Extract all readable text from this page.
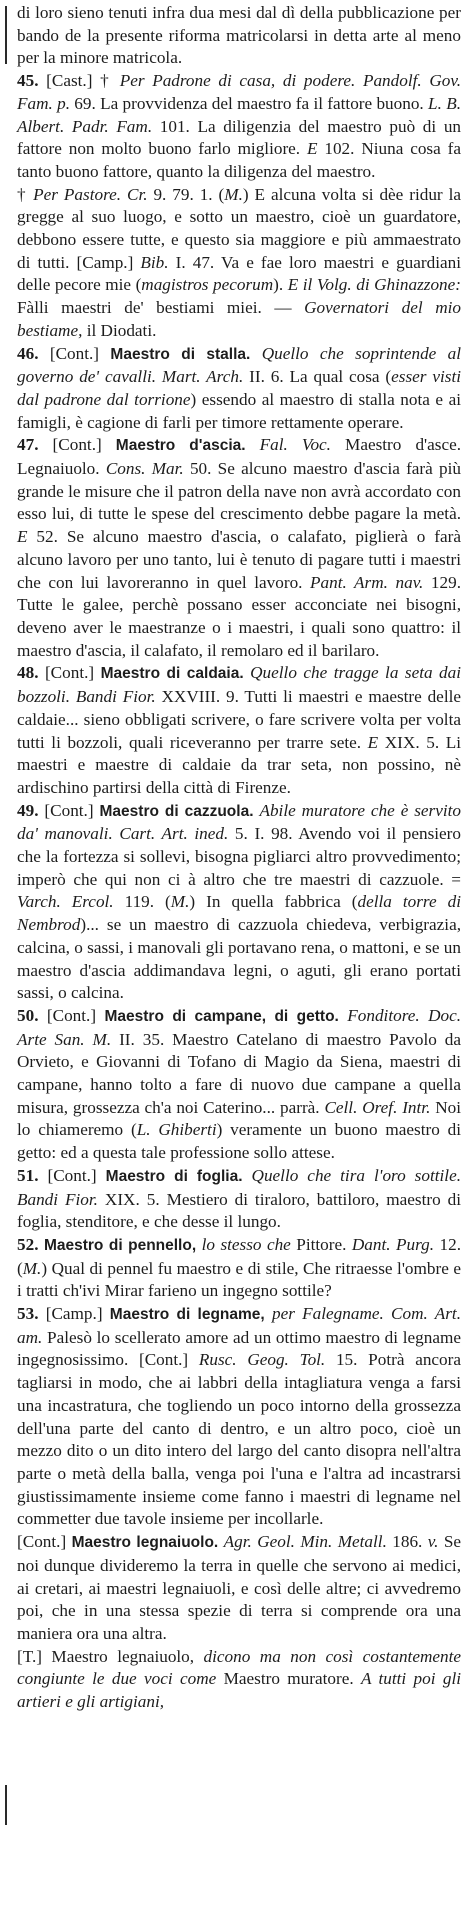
di loro sieno tenuti infra dua mesi dal dì della pubblicazione per bando de la presente riforma matricolarsi in detta arte al meno per la minore matricola.

45. [Cast.] † Per Padrone di casa, di podere. Pandolf. Gov. Fam. p. 69. La provvidenza del maestro fa il fattore buono. L. B. Albert. Padr. Fam. 101. La diligenzia del maestro può di un fattore non molto buono farlo migliore. E 102. Niuna cosa fa tanto buono fattore, quanto la diligenza del maestro.

† Per Pastore. Cr. 9. 79. 1. (M.) E alcuna volta si dèe ridur la gregge al suo luogo, e sotto un maestro, cioè un guardatore, debbono essere tutte, e questo sia maggiore e più ammaestrato di tutti. [Camp.] Bib. I. 47. Va e fae loro maestri e guardiani delle pecore mie (magistros pecorum). E il Volg. di Ghinazzone: Fàlli maestri de' bestiami miei. — Governatori del mio bestiame, il Diodati.

46. [Cont.] Maestro di stalla. Quello che soprintende al governo de' cavalli. Mart. Arch. II. 6. La qual cosa (esser visti dal padrone dal torrione) essendo al maestro di stalla nota e ai famigli, è cagione di farli per timore rettamente operare.

47. [Cont.] Maestro d'ascia. Fal. Voc. Maestro d'asce. Legnaiuolo. Cons. Mar. 50. Se alcuno maestro d'ascia farà più grande le misure che il patron della nave non avrà accordato con esso lui, di tutte le spese del crescimento debbe pagare la metà. E 52. Se alcuno maestro d'ascia, o calafato, piglierà o farà alcuno lavoro per uno tanto, lui è tenuto di pagare tutti i maestri che con lui lavoreranno in quel lavoro. Pant. Arm. nav. 129. Tutte le galee, perchè possano esser acconciate nei bisogni, deveno aver le maestranze o i maestri, i quali sono quattro: il maestro d'ascia, il calafato, il remolaro ed il barilaro.

48. [Cont.] Maestro di caldaia. Quello che tragge la seta dai bozzoli. Bandi Fior. XXVIII. 9. Tutti li maestri e maestre delle caldaie... sieno obbligati scrivere, o fare scrivere volta per volta tutti li bozzoli, quali riceveranno per trarre sete. E XIX. 5. Li maestri e maestre di caldaie da trar seta, non possino, nè ardischino partirsi della città di Firenze.

49. [Cont.] Maestro di cazzuola. Abile muratore che è servito da' manovali. Cart. Art. ined. 5. I. 98. Avendo voi il pensiero che la fortezza si sollevi, bisogna pigliarci altro provvedimento; imperò che qui non ci à altro che tre maestri di cazzuole. = Varch. Ercol. 119. (M.) In quella fabbrica (della torre di Nembrod)... se un maestro di cazzuola chiedeva, verbigrazia, calcina, o sassi, i manovali gli portavano rena, o mattoni, e se un maestro d'ascia addimandava legni, o aguti, gli erano portati sassi, o calcina.

50. [Cont.] Maestro di campane, di getto. Fonditore. Doc. Arte San. M. II. 35. Maestro Catelano di maestro Pavolo da Orvieto, e Giovanni di Tofano di Magio da Siena, maestri di campane, hanno tolto a fare di nuovo due campane a quella misura, grossezza ch'a noi Caterino... parrà. Cell. Oref. Intr. Noi lo chiameremo (L. Ghiberti) veramente un buono maestro di getto: ed a questa tale professione sollo attese.

51. [Cont.] Maestro di foglia. Quello che tira l'oro sottile. Bandi Fior. XIX. 5. Mestiero di tiraloro, battiloro, maestro di foglia, stenditore, e che desse il lungo.

52. Maestro di pennello, lo stesso che Pittore. Dant. Purg. 12. (M.) Qual di pennel fu maestro e di stile, Che ritraesse l'ombre e i tratti ch'ivi Mirar farieno un ingegno sottile?

53. [Camp.] Maestro di legname, per Falegname. Com. Art. am. Palesò lo scellerato amore ad un ottimo maestro di legname ingegnosissimo. [Cont.] Rusc. Geog. Tol. 15. Potrà ancora tagliarsi in modo, che ai labbri della intagliatura venga a farsi una incastratura, che togliendo un poco intorno della grossezza dell'una parte del canto di dentro, e un altro poco, cioè un mezzo dito o un dito intero del largo del canto disopra nell'altra parte o metà della balla, venga poi l'una e l'altra ad incastrarsi giustissimamente insieme come fanno i maestri di legname nel commetter due tavole insieme per incollarle.

[Cont.] Maestro legnaiuolo. Agr. Geol. Min. Metall. 186. v. Se noi dunque divideremo la terra in quelle che servono ai medici, ai cretari, ai maestri legnaiuoli, e così delle altre; ci avvedremo poi, che in una stessa spezie di terra si comprende ora una maniera ora una altra.

[T.] Maestro legnaiuolo, dicono ma non così costantemente congiunte le due voci come Maestro muratore. A tutti poi gli artieri e gli artigiani,
